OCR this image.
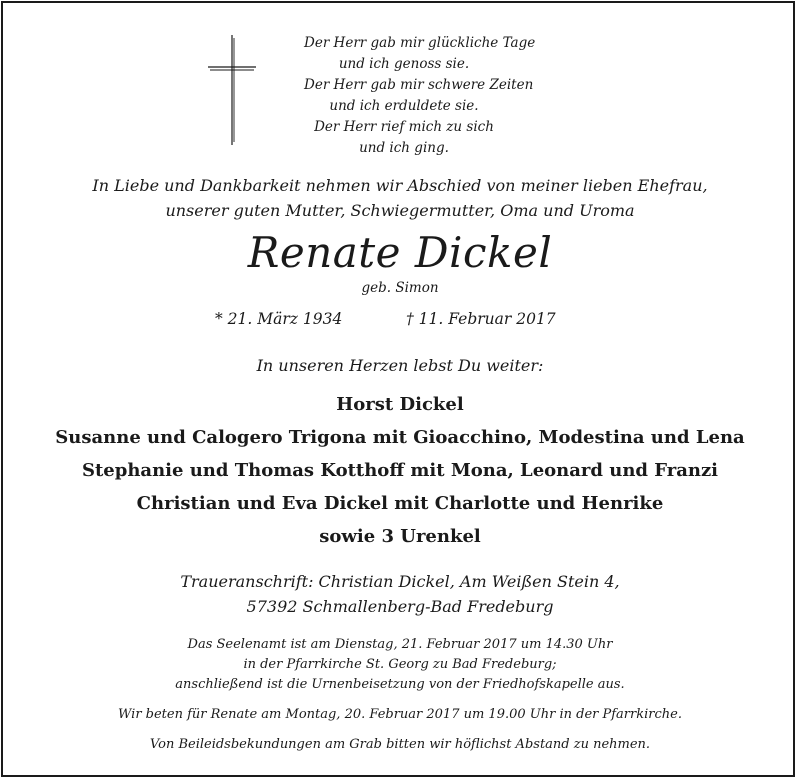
Der Herr gab mir glückliche Tage
und ich genoss sie.
Der Herr gab mir schwere Zeiten
und ich erduldete sie.
Der Herr rief mich zu sich
und ich ging.
In Liebe und Dankbarkeit nehmen wir Abschied von meiner lieben Ehefrau,
unserer guten Mutter, Schwiegermutter, Oma und Uroma
Renate Dickel
geb. Simon
* 21. März 1934	† 11. Februar 2017
In unseren Herzen lebst Du weiter:
Horst Dickel
Susanne und Calogero Trigona mit Gioacchino, Modestina und Lena
Stephanie und Thomas Kotthoff mit Mona, Leonard und Franzi
Christian und Eva Dickel mit Charlotte und Henrike
sowie 3 Urenkel
Traueranschrift: Christian Dickel, Am Weißen Stein 4,
57392 Schmallenberg-Bad Fredeburg
Das Seelenamt ist am Dienstag, 21. Februar 2017 um 14.30 Uhr
in der Pfarrkirche St. Georg zu Bad Fredeburg;
anschließend ist die Urnenbeisetzung von der Friedhofskapelle aus.
Wir beten für Renate am Montag, 20. Februar 2017 um 19.00 Uhr in der Pfarrkirche.
Von Beileidsbekundungen am Grab bitten wir höflichst Abstand zu nehmen.
